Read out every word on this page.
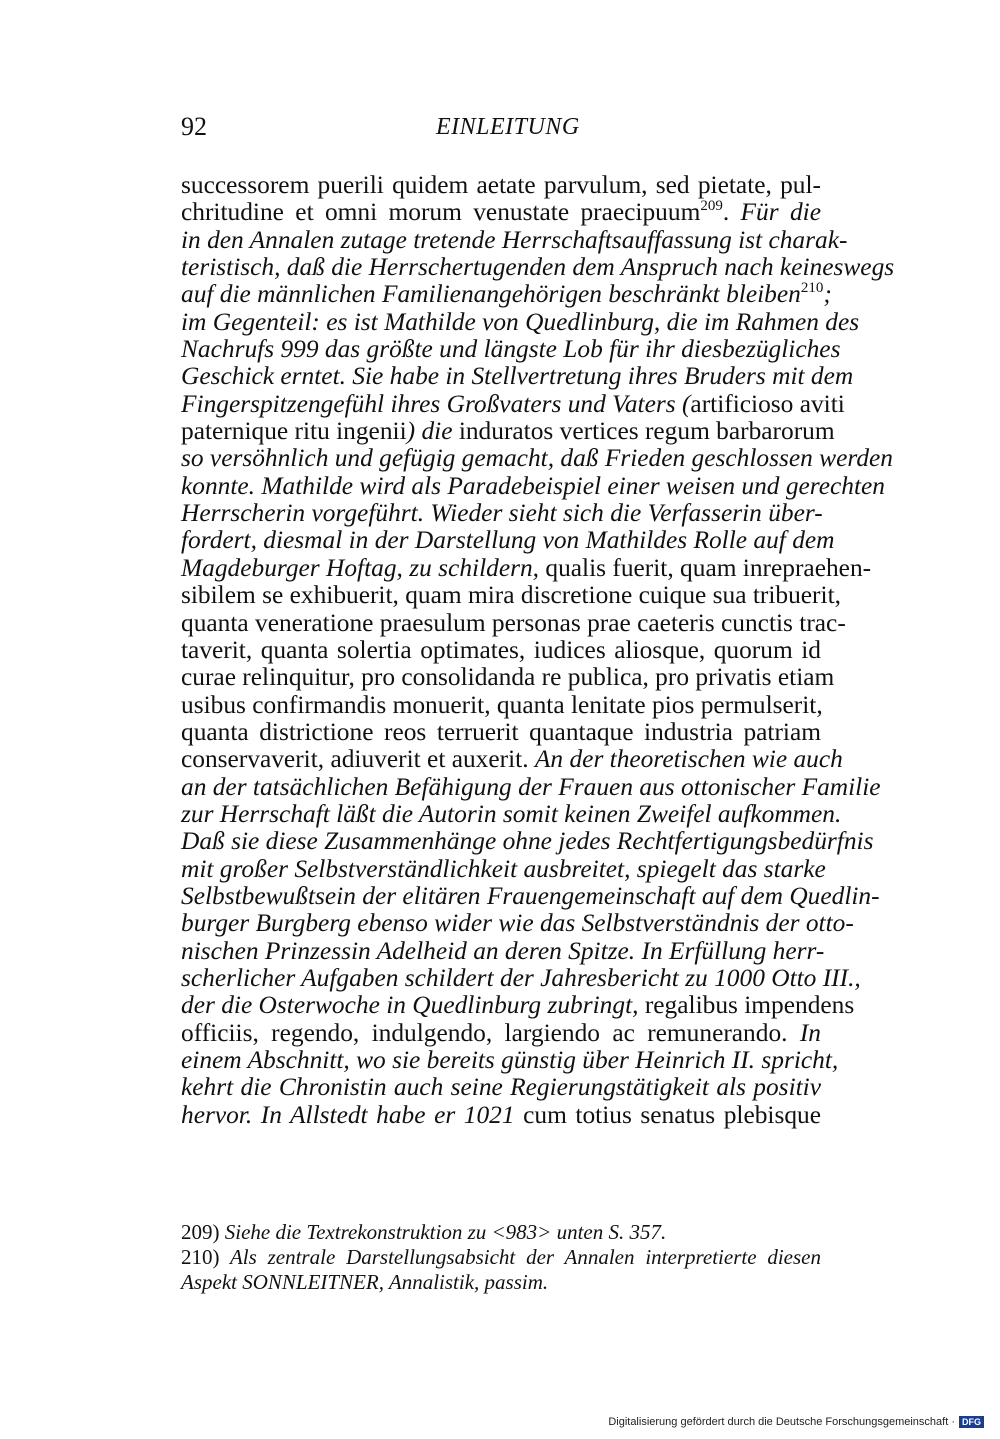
92	EINLEITUNG
successorem puerili quidem aetate parvulum, sed pietate, pul-
chritudine et omni morum venustate praecipuum$^{209}$. Für die
in den Annalen zutage tretende Herrschaftsauffassung ist charak-
teristisch, daß die Herrschertugenden dem Anspruch nach keineswegs
auf die männlichen Familienangehörigen beschränkt bleiben$^{210}$;
im Gegenteil: es ist Mathilde von Quedlinburg, die im Rahmen des
Nachrufs 999 das größte und längste Lob für ihr diesbezügliches
Geschick erntet. Sie habe in Stellvertretung ihres Bruders mit dem
Fingerspitzengefühl ihres Großvaters und Vaters (artificioso aviti
paternique ritu ingenii) die induratos vertices regum barbarorum
so versöhnlich und gefügig gemacht, daß Frieden geschlossen werden
konnte. Mathilde wird als Paradebeispiel einer weisen und gerechten
Herrscherin vorgeführt. Wieder sieht sich die Verfasserin über-
fordert, diesmal in der Darstellung von Mathildes Rolle auf dem
Magdeburger Hoftag, zu schildern, qualis fuerit, quam inreprаehen-
sibilem se exhibuerit, quam mira discretione cuique sua tribuerit,
quanta veneratione praesulum personas prae caeteris cunctis trac-
taverit, quanta solertia optimates, iudices aliosque, quorum id
curae relinquitur, pro consolidanda re publica, pro privatis etiam
usibus confirmandis monuerit, quanta lenitate pios permulserit,
quanta districtione reos terruerit quantaque industria patriam
conservaverit, adiuverit et auxerit. An der theoretischen wie auch
an der tatsächlichen Befähigung der Frauen aus ottonischer Familie
zur Herrschaft läßt die Autorin somit keinen Zweifel aufkommen.
Daß sie diese Zusammenhänge ohne jedes Rechtfertigungsbedürfnis
mit großer Selbstverständlichkeit ausbreitet, spiegelt das starke
Selbstbewußtsein der elitären Frauengemeinschaft auf dem Quedlin-
burger Burgberg ebenso wider wie das Selbstverständnis der otto-
nischen Prinzessin Adelheid an deren Spitze. In Erfüllung herr-
scherlicher Aufgaben schildert der Jahresbericht zu 1000 Otto III.,
der die Osterwoche in Quedlinburg zubringt, regalibus impendens
officiis, regendo, indulgendo, largiendo ac remunerando. In
einem Abschnitt, wo sie bereits günstig über Heinrich II. spricht,
kehrt die Chronistin auch seine Regierungstätigkeit als positiv
hervor. In Allstedt habe er 1021 cum totius senatus plebisque
209) Siehe die Textrekonstruktion zu <983> unten S. 357.
210) Als zentrale Darstellungsabsicht der Annalen interpretierte diesen
Aspekt SONNLEITNER, Annalistik, passim.
Digitalisierung gefördert durch die Deutsche Forschungsgemeinschaft · DFG
